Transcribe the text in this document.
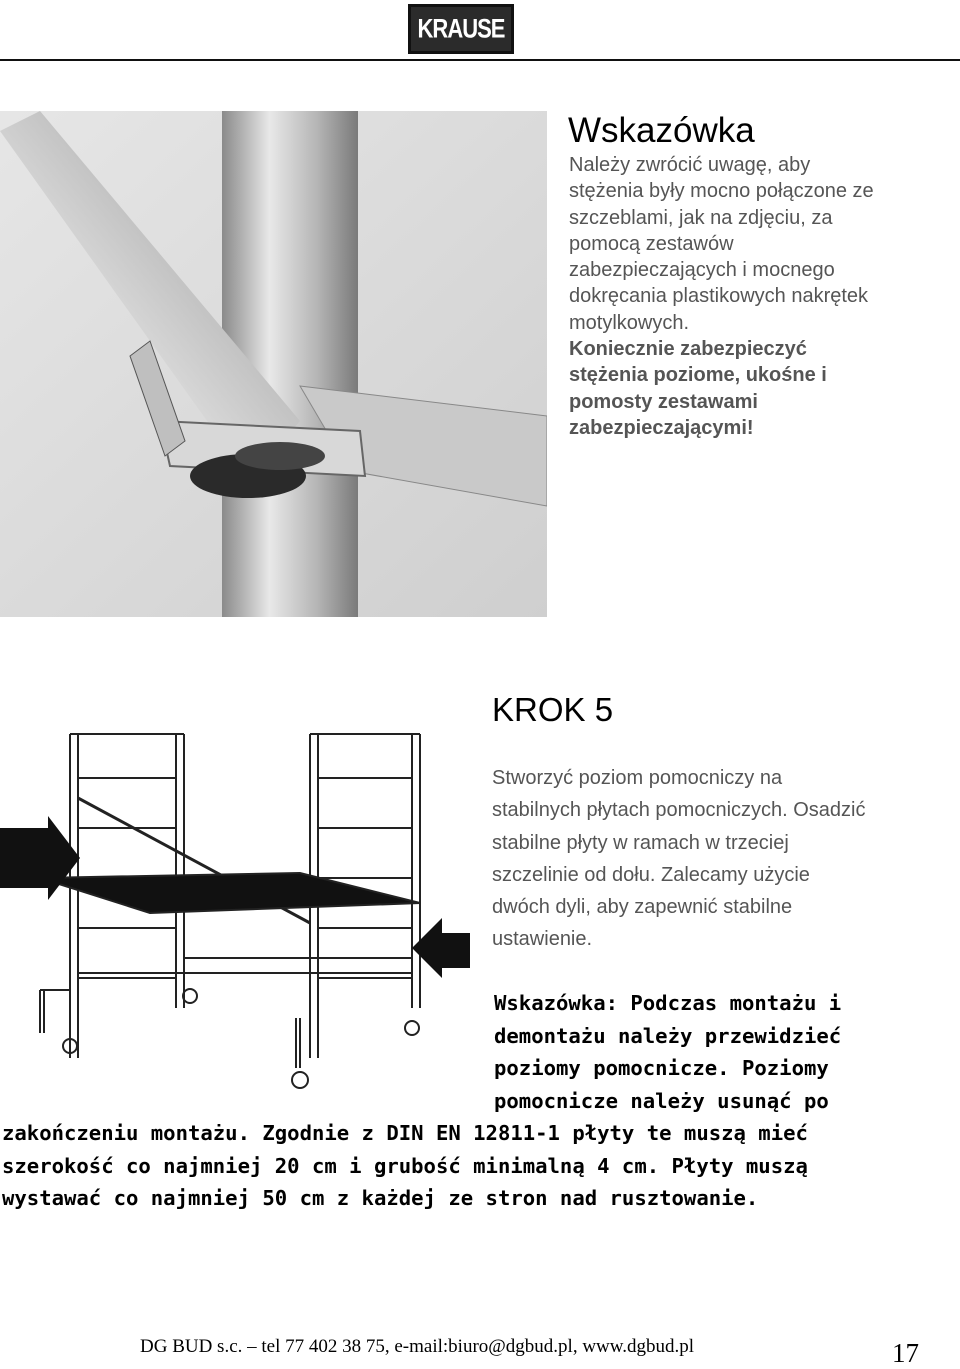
KRAUSE
Wskazówka

Należy zwrócić uwagę, aby

stężenia były mocno połączone ze

szczeblami, jak na zdjęciu, za

pomocą zestawów

zabezpieczających i mocnego

dokręcania plastikowych nakrętek

motylkowych.

Koniecznie zabezpieczyć

stężenia poziome, ukośne i

pomosty zestawami

zabezpieczającymi!

KROK 5
Stworzyć poziom pomocniczy na
stabilnych płytach pomocniczych. Osadzić
stabilne płyty w ramach w trzeciej
szczelinie od dołu. Zalecamy użycie
dwóch dyli, aby zapewnić stabilne
ustawienie.
Wskazówka: Podczas montażu i
demontażu należy przewidzieć
poziomy pomocnicze. Poziomy
pomocnicze należy usunąć po
zakończeniu montażu. Zgodnie z DIN EN 12811-1 płyty te muszą mieć
szerokość co najmniej 20 cm i grubość minimalną 4 cm. Płyty muszą
wystawać co najmniej 50 cm z każdej ze stron nad rusztowanie.
DG BUD s.c. – tel 77 402 38 75, e-mail:biuro@dgbud.pl, www.dgbud.pl	17
